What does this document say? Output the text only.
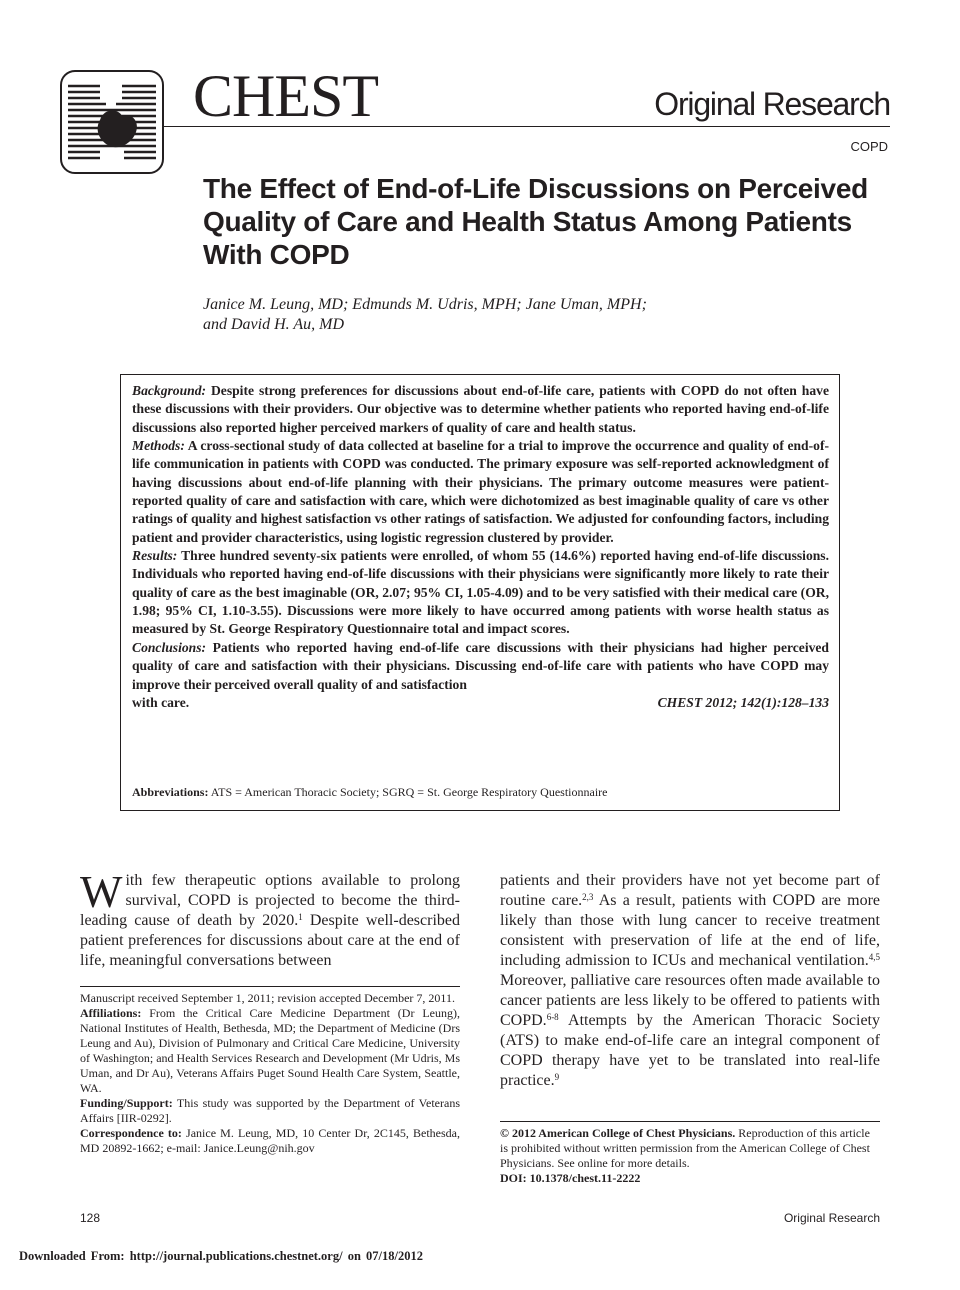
CHEST	Original Research
COPD
The Effect of End-of-Life Discussions on Perceived Quality of Care and Health Status Among Patients With COPD
Janice M. Leung, MD; Edmunds M. Udris, MPH; Jane Uman, MPH;
and David H. Au, MD

Background: Despite strong preferences for discussions about end-of-life care, patients with COPD do not often have these discussions with their providers. Our objective was to determine whether patients who reported having end-of-life discussions also reported higher perceived markers of quality of care and health status.

Methods: A cross-sectional study of data collected at baseline for a trial to improve the occurrence and quality of end-of-life communication in patients with COPD was conducted. The primary exposure was self-reported acknowledgment of having discussions about end-of-life planning with their physicians. The primary outcome measures were patient-reported quality of care and satisfaction with care, which were dichotomized as best imaginable quality of care vs other ratings of quality and highest satisfaction vs other ratings of satisfaction. We adjusted for confounding factors, including patient and provider characteristics, using logistic regression clustered by provider.

Results: Three hundred seventy-six patients were enrolled, of whom 55 (14.6%) reported having end-of-life discussions. Individuals who reported having end-of-life discussions with their physicians were significantly more likely to rate their quality of care as the best imaginable (OR, 2.07; 95% CI, 1.05-4.09) and to be very satisfied with their medical care (OR, 1.98; 95% CI, 1.10-3.55). Discussions were more likely to have occurred among patients with worse health status as measured by St. George Respiratory Questionnaire total and impact scores.

Conclusions: Patients who reported having end-of-life care discussions with their physicians had higher perceived quality of care and satisfaction with their physicians. Discussing end-of-life care with patients who have COPD may improve their perceived overall quality of and satisfaction

with care.	CHEST 2012; 142(1):128–133
Abbreviations: ATS = American Thoracic Society; SGRQ = St. George Respiratory Questionnaire
W ith few therapeutic options available to prolong survival, COPD is projected to become the third-leading cause of death by 2020.$^1$ Despite well-described patient preferences for discussions about care at the end of life, meaningful conversations between

Manuscript received September 1, 2011; revision accepted December 7, 2011.

Affiliations: From the Critical Care Medicine Department (Dr Leung), National Institutes of Health, Bethesda, MD; the Department of Medicine (Drs Leung and Au), Division of Pulmonary and Critical Care Medicine, University of Washington; and Health Services Research and Development (Mr Udris, Ms Uman, and Dr Au), Veterans Affairs Puget Sound Health Care System, Seattle, WA.

Funding/Support: This study was supported by the Department of Veterans Affairs [IIR-0292].

Correspondence to: Janice M. Leung, MD, 10 Center Dr, 2C145, Bethesda, MD 20892-1662; e-mail: Janice.Leung@nih.gov

patients and their providers have not yet become part of routine care.$^{2,3}$ As a result, patients with COPD are more likely than those with lung cancer to receive treatment consistent with preservation of life at the end of life, including admission to ICUs and mechanical ventilation.$^{4,5}$ Moreover, palliative care resources often made available to cancer patients are less likely to be offered to patients with COPD.$^{6-8}$ Attempts by the American Thoracic Society (ATS) to make end-of-life care an integral component of COPD therapy have yet to be translated into real-life practice.$^9$

© 2012 American College of Chest Physicians. Reproduction of this article is prohibited without written permission from the American College of Chest Physicians. See online for more details.

DOI: 10.1378/chest.11-2222

128	Original Research
Downloaded From: http://journal.publications.chestnet.org/ on 07/18/2012
